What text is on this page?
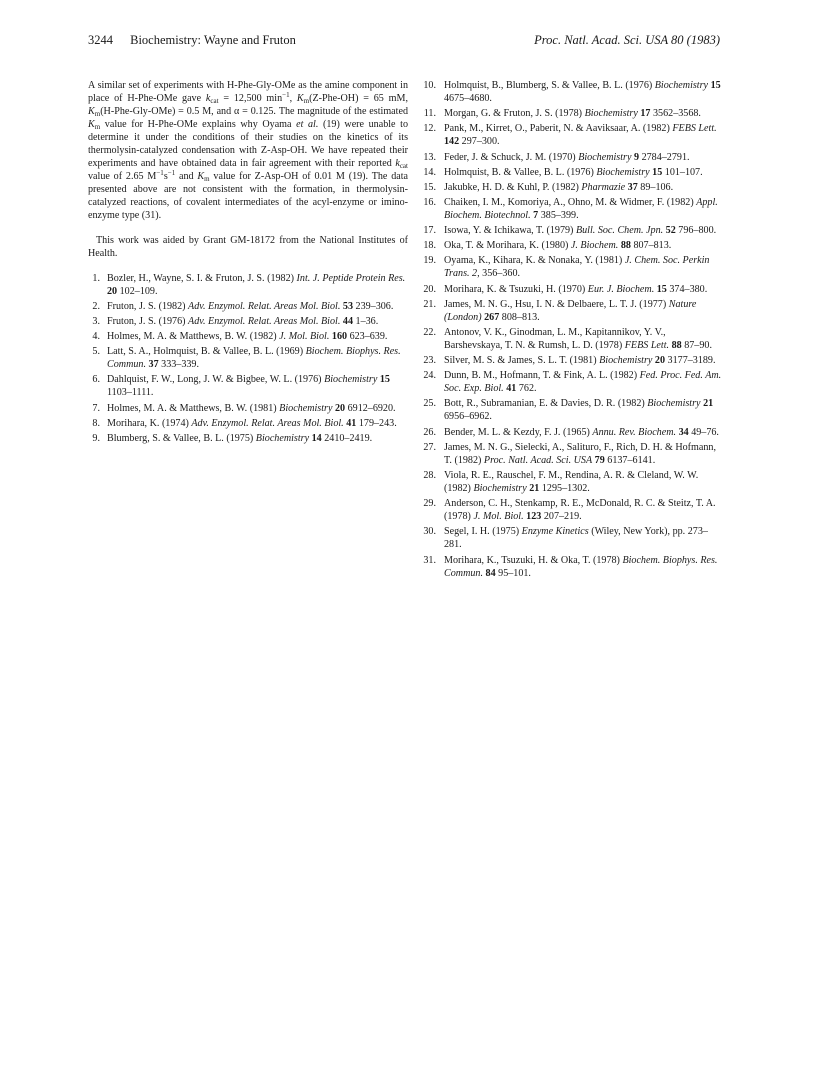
3244 Biochemistry: Wayne and Fruton	Proc. Natl. Acad. Sci. USA 80 (1983)

A similar set of experiments with H-Phe-Gly-OMe as the amine component in place of H-Phe-OMe gave $k_{cat} = 12,500$ $\min^{-1}$, $K_m(Z-Phe-OH) = 65$ mM, $K_m(H-Phe-Gly-OMe) = 0.5$ M, and α = 0.125. The magnitude of the estimated $K_m$ value for H-Phe-OMe explains why Oyama et al. (19) were unable to determine it under the conditions of their studies on the kinetics of its thermolysin-catalyzed condensation with Z-Asp-OH. We have repeated their experiments and have obtained data in fair agreement with their reported $k_{cat}$ value of 2.65 $M^{-1}s^{-1}$ and $K_m$ value for Z-Asp-OH of 0.01 M (19). The data presented above are not consistent with the formation, in thermolysin-catalyzed reactions, of covalent intermediates of the acyl-enzyme or imino-enzyme type (31).

This work was aided by Grant GM-18172 from the National Institutes of Health.

1. Bozler, H., Wayne, S. I. & Fruton, J. S. (1982) Int. J. Peptide Protein Res. 20 102–109.
2. Fruton, J. S. (1982) Adv. Enzymol. Relat. Areas Mol. Biol. 53 239–306.
3. Fruton, J. S. (1976) Adv. Enzymol. Relat. Areas Mol. Biol. 44 1–36.
4. Holmes, M. A. & Matthews, B. W. (1982) J. Mol. Biol. 160 623–639.
5. Latt, S. A., Holmquist, B. & Vallee, B. L. (1969) Biochem. Biophys. Res. Commun. 37 333–339.
6. Dahlquist, F. W., Long, J. W. & Bigbee, W. L. (1976) Biochemistry 15 1103–1111.
7. Holmes, M. A. & Matthews, B. W. (1981) Biochemistry 20 6912–6920.
8. Morihara, K. (1974) Adv. Enzymol. Relat. Areas Mol. Biol. 41 179–243.
9. Blumberg, S. & Vallee, B. L. (1975) Biochemistry 14 2410–2419.
10. Holmquist, B., Blumberg, S. & Vallee, B. L. (1976) Biochemistry 15 4675–4680.
11. Morgan, G. & Fruton, J. S. (1978) Biochemistry 17 3562–3568.
12. Pank, M., Kirret, O., Paberit, N. & Aaviksaar, A. (1982) FEBS Lett. 142 297–300.
13. Feder, J. & Schuck, J. M. (1970) Biochemistry 9 2784–2791.
14. Holmquist, B. & Vallee, B. L. (1976) Biochemistry 15 101–107.
15. Jakubke, H. D. & Kuhl, P. (1982) Pharmazie 37 89–106.
16. Chaiken, I. M., Komoriya, A., Ohno, M. & Widmer, F. (1982) Appl. Biochem. Biotechnol. 7 385–399.
17. Isowa, Y. & Ichikawa, T. (1979) Bull. Soc. Chem. Jpn. 52 796–800.
18. Oka, T. & Morihara, K. (1980) J. Biochem. 88 807–813.
19. Oyama, K., Kihara, K. & Nonaka, Y. (1981) J. Chem. Soc. Perkin Trans. 2, 356–360.
20. Morihara, K. & Tsuzuki, H. (1970) Eur. J. Biochem. 15 374–380.
21. James, M. N. G., Hsu, I. N. & Delbaere, L. T. J. (1977) Nature (London) 267 808–813.
22. Antonov, V. K., Ginodman, L. M., Kapitannikov, Y. V., Barshevskaya, T. N. & Rumsh, L. D. (1978) FEBS Lett. 88 87–90.
23. Silver, M. S. & James, S. L. T. (1981) Biochemistry 20 3177–3189.
24. Dunn, B. M., Hofmann, T. & Fink, A. L. (1982) Fed. Proc. Fed. Am. Soc. Exp. Biol. 41 762.
25. Bott, R., Subramanian, E. & Davies, D. R. (1982) Biochemistry 21 6956–6962.
26. Bender, M. L. & Kezdy, F. J. (1965) Annu. Rev. Biochem. 34 49–76.
27. James, M. N. G., Sielecki, A., Salituro, F., Rich, D. H. & Hofmann, T. (1982) Proc. Natl. Acad. Sci. USA 79 6137–6141.
28. Viola, R. E., Rauschel, F. M., Rendina, A. R. & Cleland, W. W. (1982) Biochemistry 21 1295–1302.
29. Anderson, C. H., Stenkamp, R. E., McDonald, R. C. & Steitz, T. A. (1978) J. Mol. Biol. 123 207–219.
30. Segel, I. H. (1975) Enzyme Kinetics (Wiley, New York), pp. 273–281.
31. Morihara, K., Tsuzuki, H. & Oka, T. (1978) Biochem. Biophys. Res. Commun. 84 95–101.
